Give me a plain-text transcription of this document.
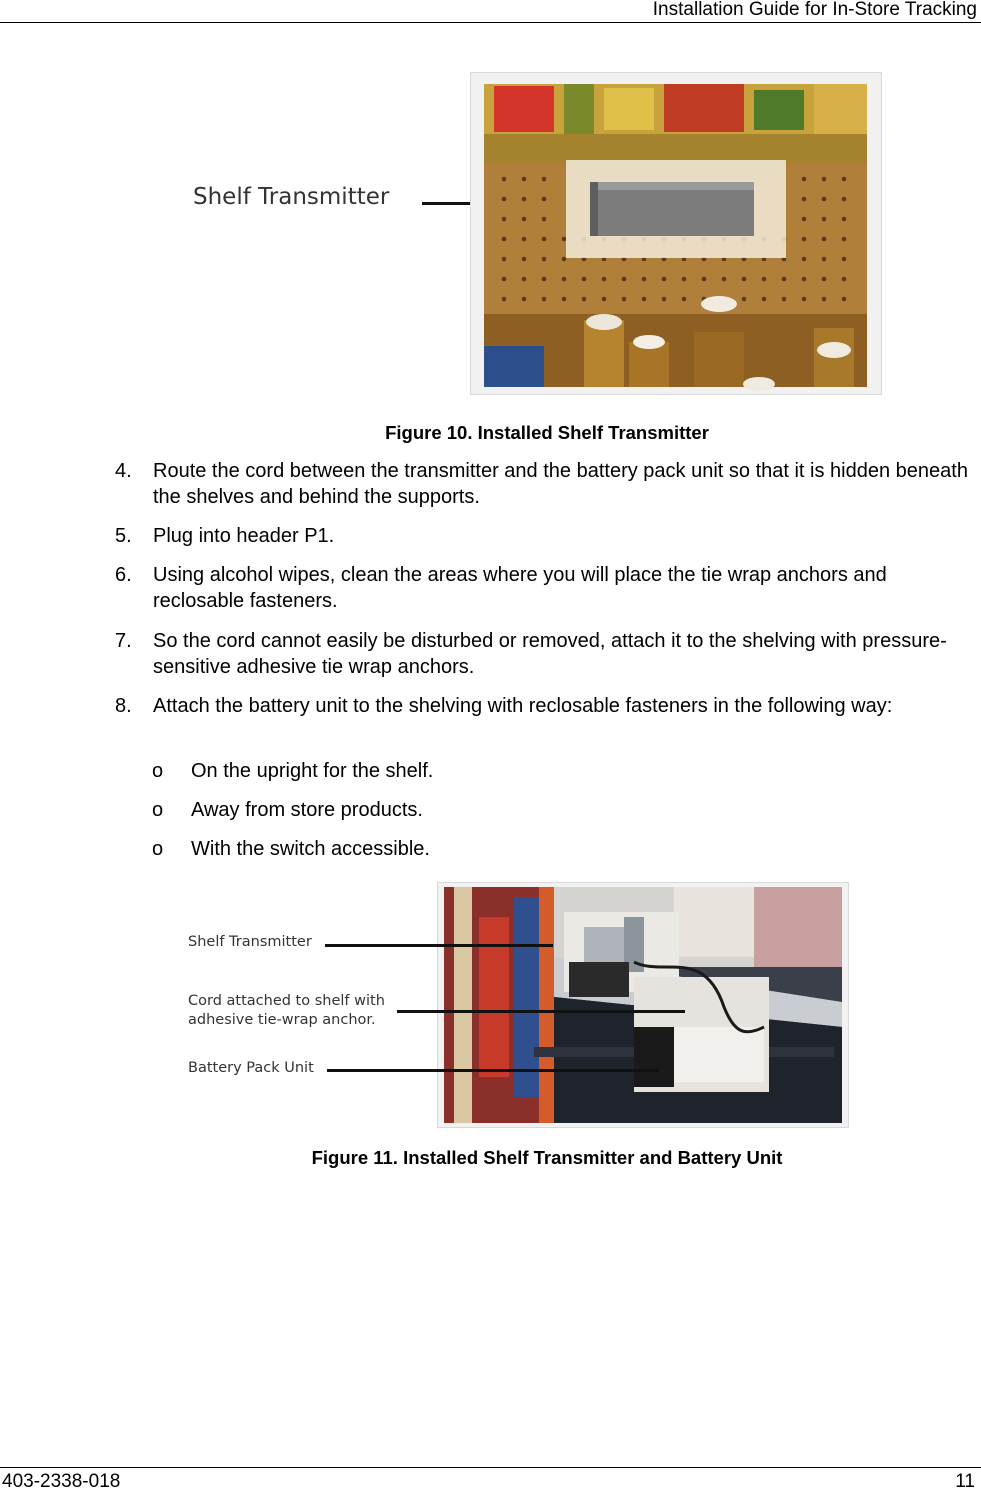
Installation Guide for In-Store Tracking
Shelf Transmitter
Figure 10. Installed Shelf Transmitter
4. Route the cord between the transmitter and the battery pack unit so that it is hidden beneath the shelves and behind the supports.
5. Plug into header P1.
6. Using alcohol wipes, clean the areas where you will place the tie wrap anchors and reclosable fasteners.
7. So the cord cannot easily be disturbed or removed, attach it to the shelving with pressure-sensitive adhesive tie wrap anchors.
8. Attach the battery unit to the shelving with reclosable fasteners in the following way:
o On the upright for the shelf.
o Away from store products.
o With the switch accessible.
Shelf Transmitter
Cord attached to shelf with
adhesive tie-wrap anchor.
Battery Pack Unit
Figure 11. Installed Shelf Transmitter and Battery Unit
403-2338-018	11
